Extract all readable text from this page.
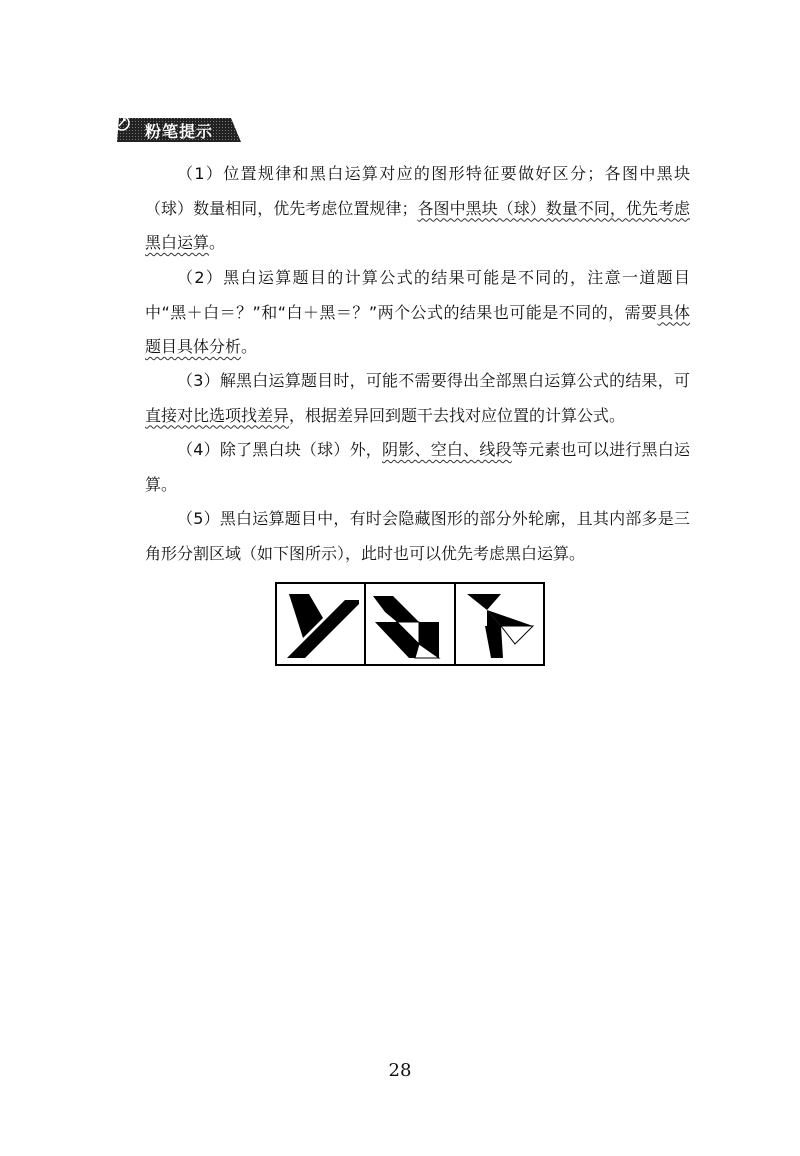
粉笔提示

（1）位置规律和黑白运算对应的图形特征要做好区分；各图中黑块（球）数量相同，优先考虑位置规律；各图中黑块（球）数量不同，优先考虑黑白运算。

（2）黑白运算题目的计算公式的结果可能是不同的，注意一道题目中“黑＋白＝？”和“白＋黑＝？”两个公式的结果也可能是不同的，需要具体题目具体分析。

（3）解黑白运算题目时，可能不需要得出全部黑白运算公式的结果，可直接对比选项找差异，根据差异回到题干去找对应位置的计算公式。

（4）除了黑白块（球）外，阴影、空白、线段等元素也可以进行黑白运算。

（5）黑白运算题目中，有时会隐藏图形的部分外轮廓，且其内部多是三角形分割区域（如下图所示），此时也可以优先考虑黑白运算。

28
